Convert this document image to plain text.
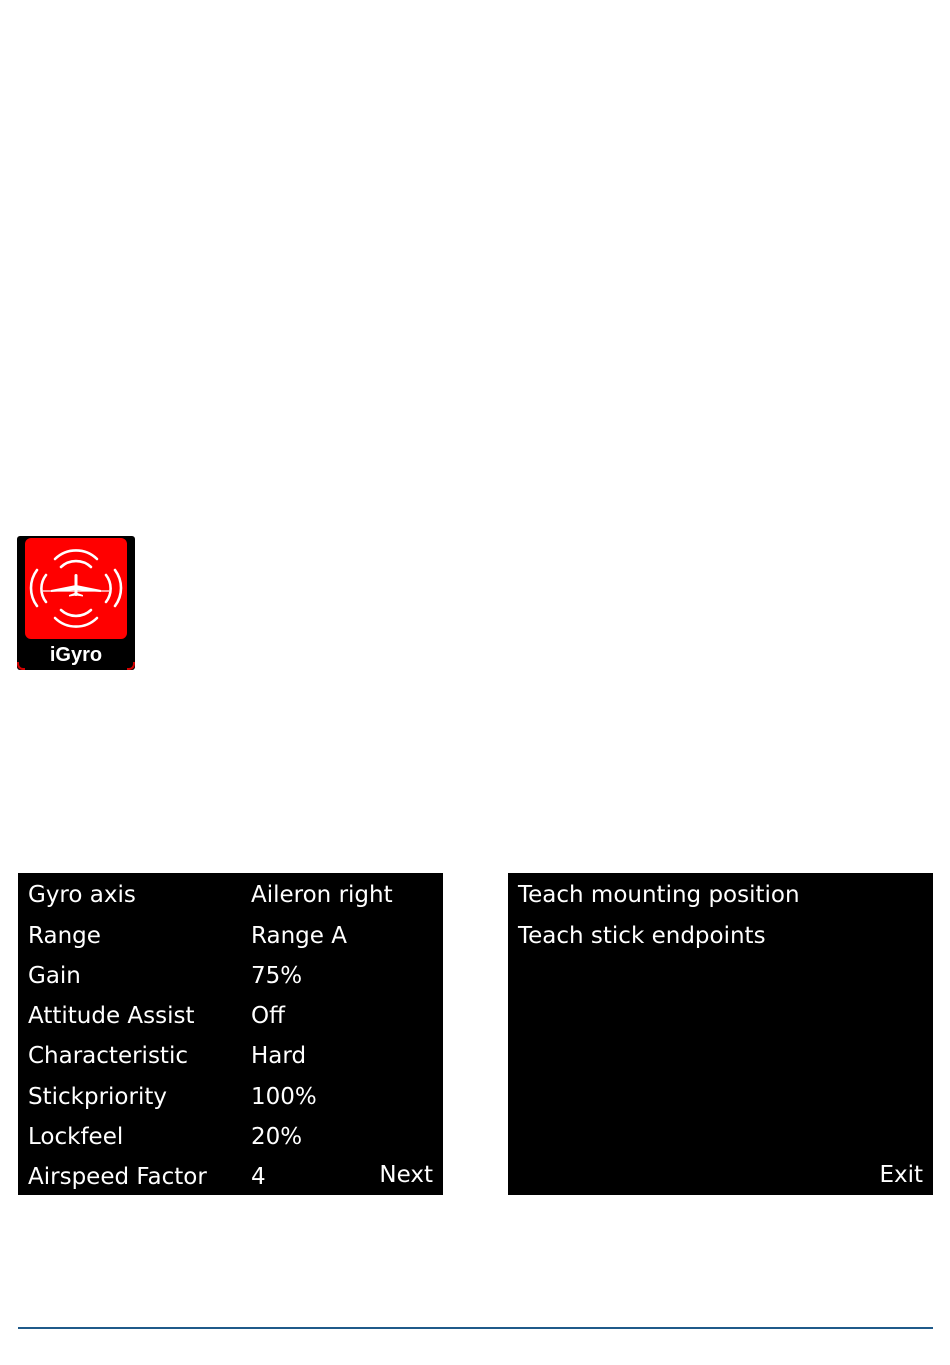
iGyro
Gyro axis	Aileron right
Range	Range A
Gain	75%
Attitude Assist Off
Characteristic	Hard
Stickpriority	100%
Lockfeel	20%
Airspeed Factor 4	Next
Teach mounting position
Teach stick endpoints
Exit
